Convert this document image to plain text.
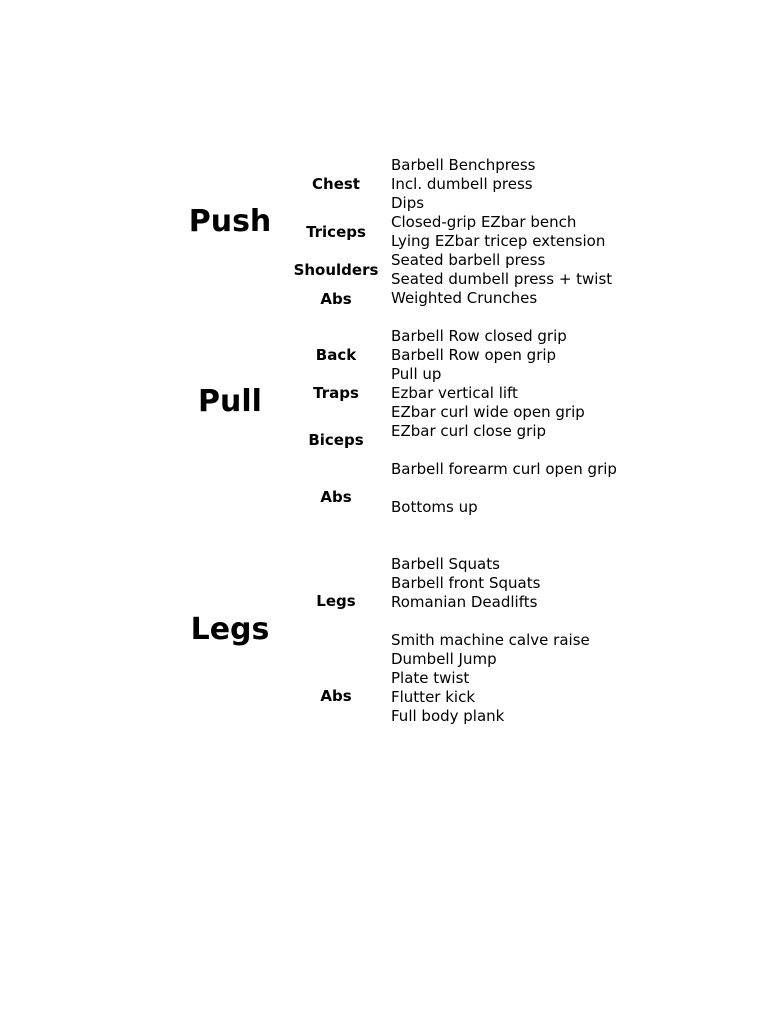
Push
Chest
Triceps
Shoulders
Abs
Barbell Benchpress
Incl. dumbell press
Dips
Closed-grip EZbar bench
Lying EZbar tricep extension
Seated barbell press
Seated dumbell press + twist
Weighted Crunches
Pull
Back
Traps
Biceps
Abs
Barbell Row closed grip
Barbell Row open grip
Pull up
Ezbar vertical lift
EZbar curl wide open grip
EZbar curl close grip
Barbell forearm curl open grip
Bottoms up
Legs
Legs
Abs
Barbell Squats
Barbell front Squats
Romanian Deadlifts
Smith machine calve raise
Dumbell Jump
Plate twist
Flutter kick
Full body plank
